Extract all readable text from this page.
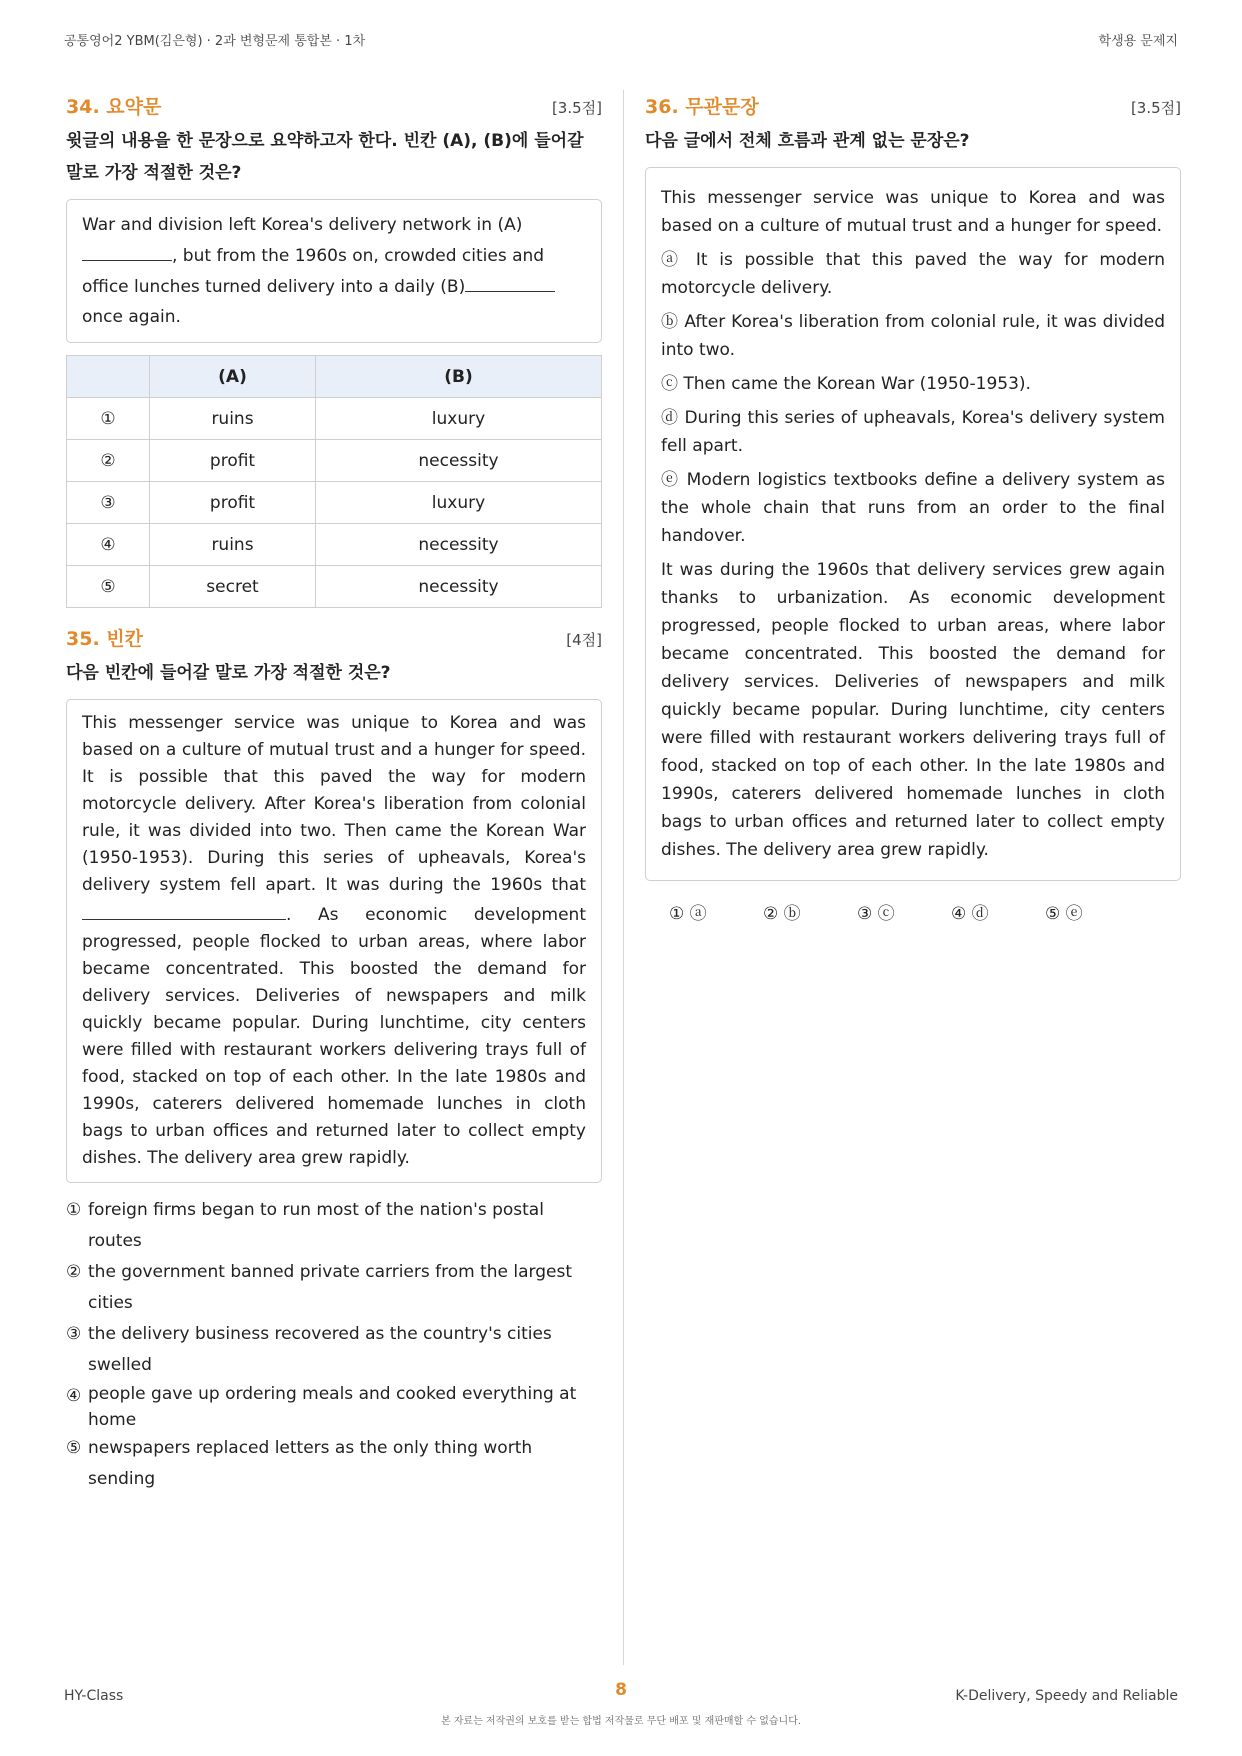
공통영어2 YBM(김은형) · 2과 변형문제 통합본 · 1차	학생용 문제지
34. 요약문	[3.5점]
윗글의 내용을 한 문장으로 요약하고자 한다. 빈칸 (A), (B)에 들어갈 말로 가장 적절한 것은?
War and division left Korea's delivery network in (A), but from the 1960s on, crowded cities and office lunches turned delivery into a daily (B) once again.
	(A)	(B)
①	ruins	luxury
②	profit	necessity
③	profit	luxury
④	ruins	necessity
⑤	secret	necessity
35. 빈칸	[4점]
다음 빈칸에 들어갈 말로 가장 적절한 것은?
This messenger service was unique to Korea and was based on a culture of mutual trust and a hunger for speed. It is possible that this paved the way for modern motorcycle delivery. After Korea's liberation from colonial rule, it was divided into two. Then came the Korean War (1950-1953). During this series of upheavals, Korea's delivery system fell apart. It was during the 1960s that . As economic development progressed, people flocked to urban areas, where labor became concentrated. This boosted the demand for delivery services. Deliveries of newspapers and milk quickly became popular. During lunchtime, city centers were filled with restaurant workers delivering trays full of food, stacked on top of each other. In the late 1980s and 1990s, caterers delivered homemade lunches in cloth bags to urban offices and returned later to collect empty dishes. The delivery area grew rapidly.
① foreign firms began to run most of the nation's postal routes
② the government banned private carriers from the largest cities
③ the delivery business recovered as the country's cities swelled
④ people gave up ordering meals and cooked everything at home
⑤ newspapers replaced letters as the only thing worth sending
36. 무관문장	[3.5점]
다음 글에서 전체 흐름과 관계 없는 문장은?
This messenger service was unique to Korea and was based on a culture of mutual trust and a hunger for speed.
ⓐ It is possible that this paved the way for modern motorcycle delivery.
ⓑ After Korea's liberation from colonial rule, it was divided into two.
ⓒ Then came the Korean War (1950-1953).
ⓓ During this series of upheavals, Korea's delivery system fell apart.
ⓔ Modern logistics textbooks define a delivery system as the whole chain that runs from an order to the final handover.
It was during the 1960s that delivery services grew again thanks to urbanization. As economic development progressed, people flocked to urban areas, where labor became concentrated. This boosted the demand for delivery services. Deliveries of newspapers and milk quickly became popular. During lunchtime, city centers were filled with restaurant workers delivering trays full of food, stacked on top of each other. In the late 1980s and 1990s, caterers delivered homemade lunches in cloth bags to urban offices and returned later to collect empty dishes. The delivery area grew rapidly.
① ⓐ	② ⓑ	③ ⓒ	④ ⓓ	⑤ ⓔ
HY-Class	8	K-Delivery, Speedy and Reliable
본 자료는 저작권의 보호를 받는 합법 저작물로 무단 배포 및 재판매할 수 없습니다.
